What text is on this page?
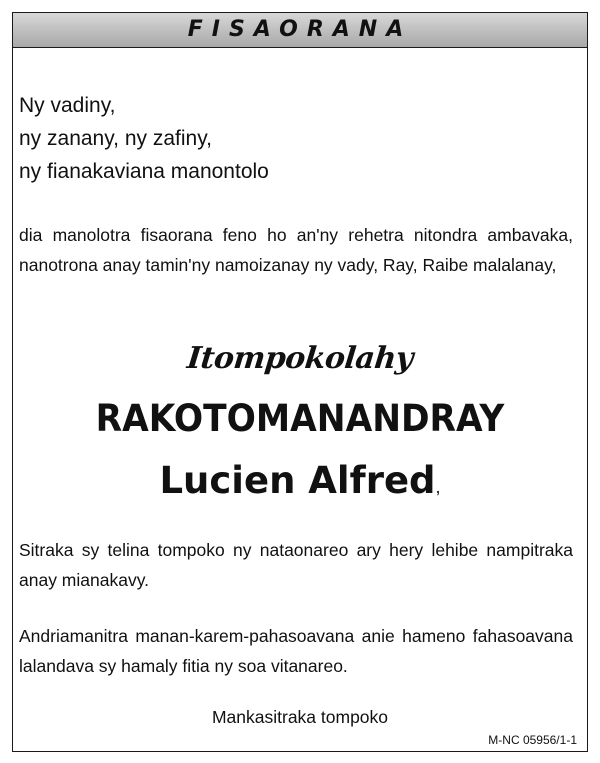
FISAORANA
Ny vadiny,
ny zanany, ny zafiny,
ny fianakaviana manontolo
dia manolotra fisaorana feno ho an'ny rehetra nitondra ambavaka, nanotrona anay tamin'ny namoizanay ny vady, Ray, Raibe malalanay,
Itompokolahy
RAKOTOMANANDRAY
Lucien Alfred,
Sitraka sy telina tompoko ny nataonareo ary hery lehibe nampitraka anay mianakavy.
Andriamanitra manan-karem-pahasoavana anie hameno fahasoavana lalandava sy hamaly fitia ny soa vitanareo.
Mankasitraka tompoko
M-NC 05956/1-1
